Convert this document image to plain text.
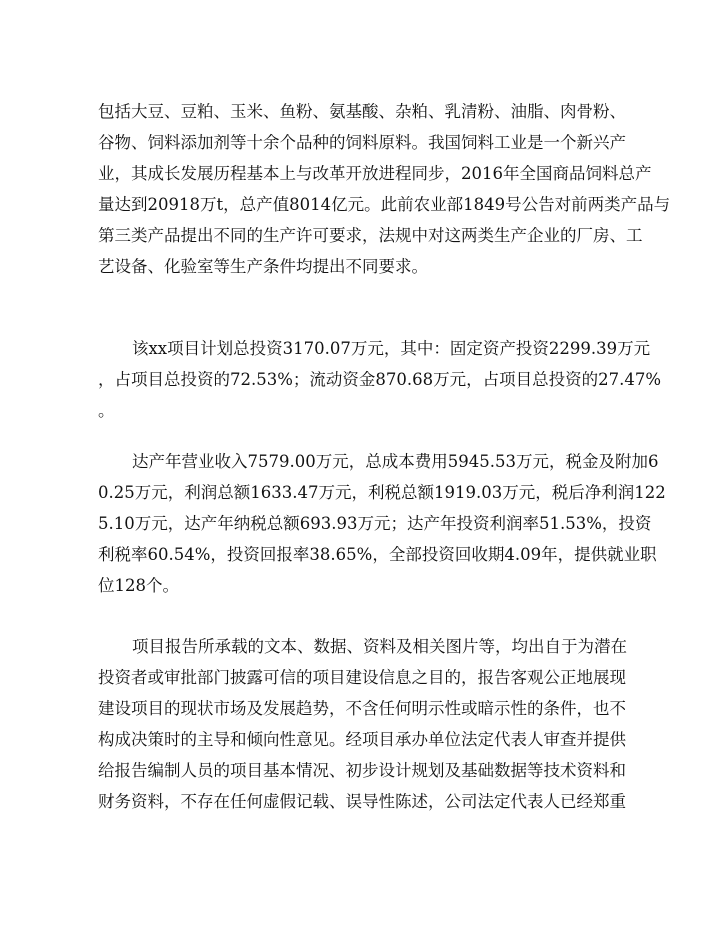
包括大豆、豆粕、玉米、鱼粉、氨基酸、杂粕、乳清粉、油脂、肉骨粉、
谷物、饲料添加剂等十余个品种的饲料原料。我国饲料工业是一个新兴产
业，其成长发展历程基本上与改革开放进程同步，2016年全国商品饲料总产
量达到20918万t，总产值8014亿元。此前农业部1849号公告对前两类产品与
第三类产品提出不同的生产许可要求，法规中对这两类生产企业的厂房、工
艺设备、化验室等生产条件均提出不同要求。
该xx项目计划总投资3170.07万元，其中：固定资产投资2299.39万元
，占项目总投资的72.53%；流动资金870.68万元，占项目总投资的27.47%
。
达产年营业收入7579.00万元，总成本费用5945.53万元，税金及附加6
0.25万元，利润总额1633.47万元，利税总额1919.03万元，税后净利润122
5.10万元，达产年纳税总额693.93万元；达产年投资利润率51.53%，投资
利税率60.54%，投资回报率38.65%，全部投资回收期4.09年，提供就业职
位128个。
项目报告所承载的文本、数据、资料及相关图片等，均出自于为潜在
投资者或审批部门披露可信的项目建设信息之目的，报告客观公正地展现
建设项目的现状市场及发展趋势，不含任何明示性或暗示性的条件，也不
构成决策时的主导和倾向性意见。经项目承办单位法定代表人审查并提供
给报告编制人员的项目基本情况、初步设计规划及基础数据等技术资料和
财务资料，不存在任何虚假记载、误导性陈述，公司法定代表人已经郑重
